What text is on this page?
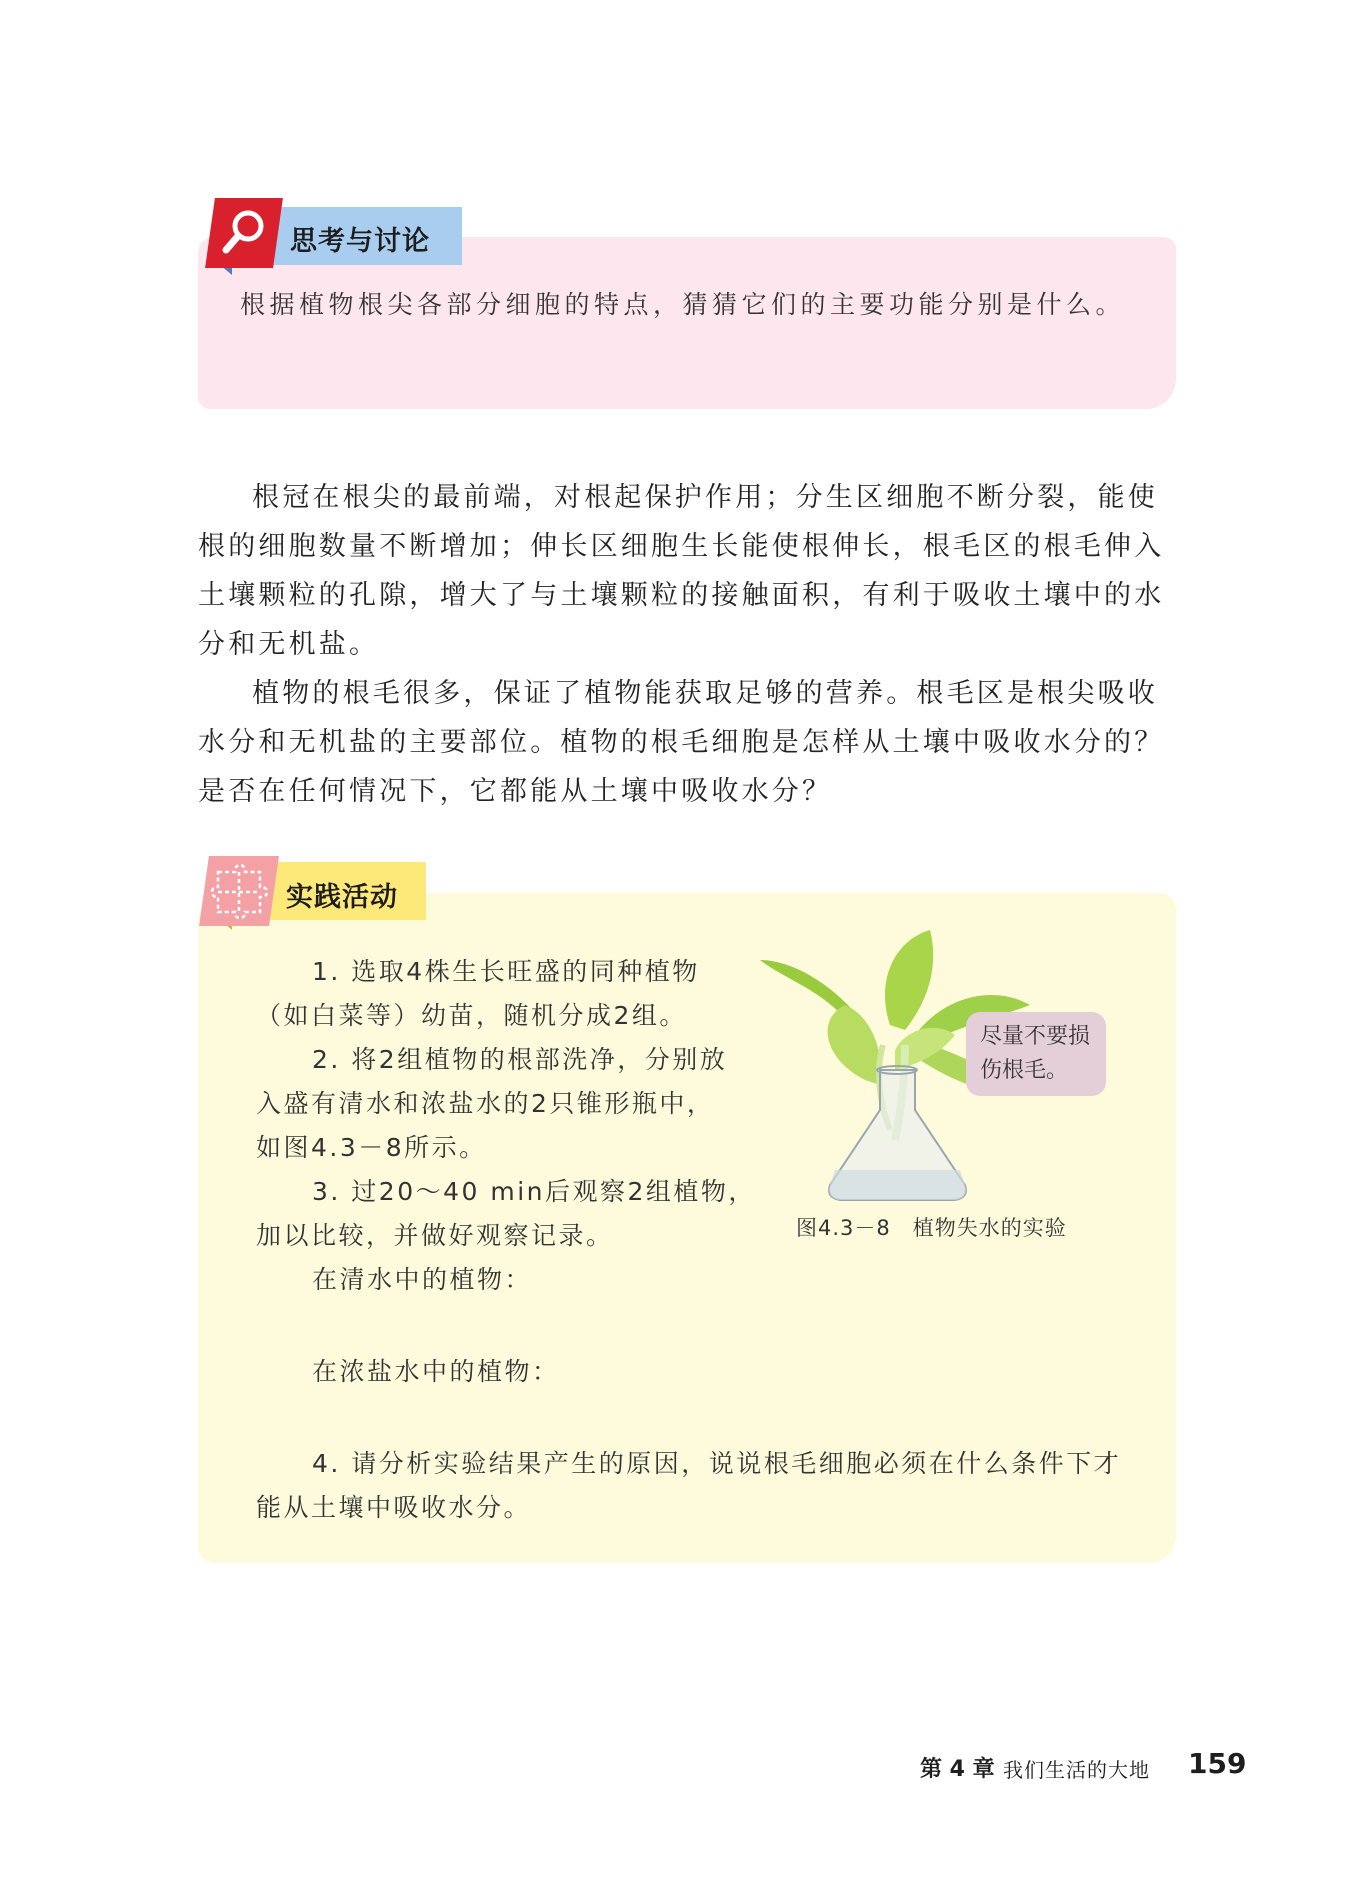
思考与讨论
根据植物根尖各部分细胞的特点，猜猜它们的主要功能分别是什么。
根冠在根尖的最前端，对根起保护作用；分生区细胞不断分裂，能使根的细胞数量不断增加；伸长区细胞生长能使根伸长，根毛区的根毛伸入土壤颗粒的孔隙，增大了与土壤颗粒的接触面积，有利于吸收土壤中的水分和无机盐。
植物的根毛很多，保证了植物能获取足够的营养。根毛区是根尖吸收水分和无机盐的主要部位。植物的根毛细胞是怎样从土壤中吸收水分的？是否在任何情况下，它都能从土壤中吸收水分？
实践活动
1. 选取4株生长旺盛的同种植物
（如白菜等）幼苗，随机分成2组。
2. 将2组植物的根部洗净，分别放
入盛有清水和浓盐水的2只锥形瓶中，
如图4.3－8所示。
3. 过20～40 min后观察2组植物，
加以比较，并做好观察记录。
在清水中的植物：
在浓盐水中的植物：
4. 请分析实验结果产生的原因，说说根毛细胞必须在什么条件下才
能从土壤中吸收水分。
尽量不要损
伤根毛。
图4.3－8 植物失水的实验
第 4 章 我们生活的大地 159
